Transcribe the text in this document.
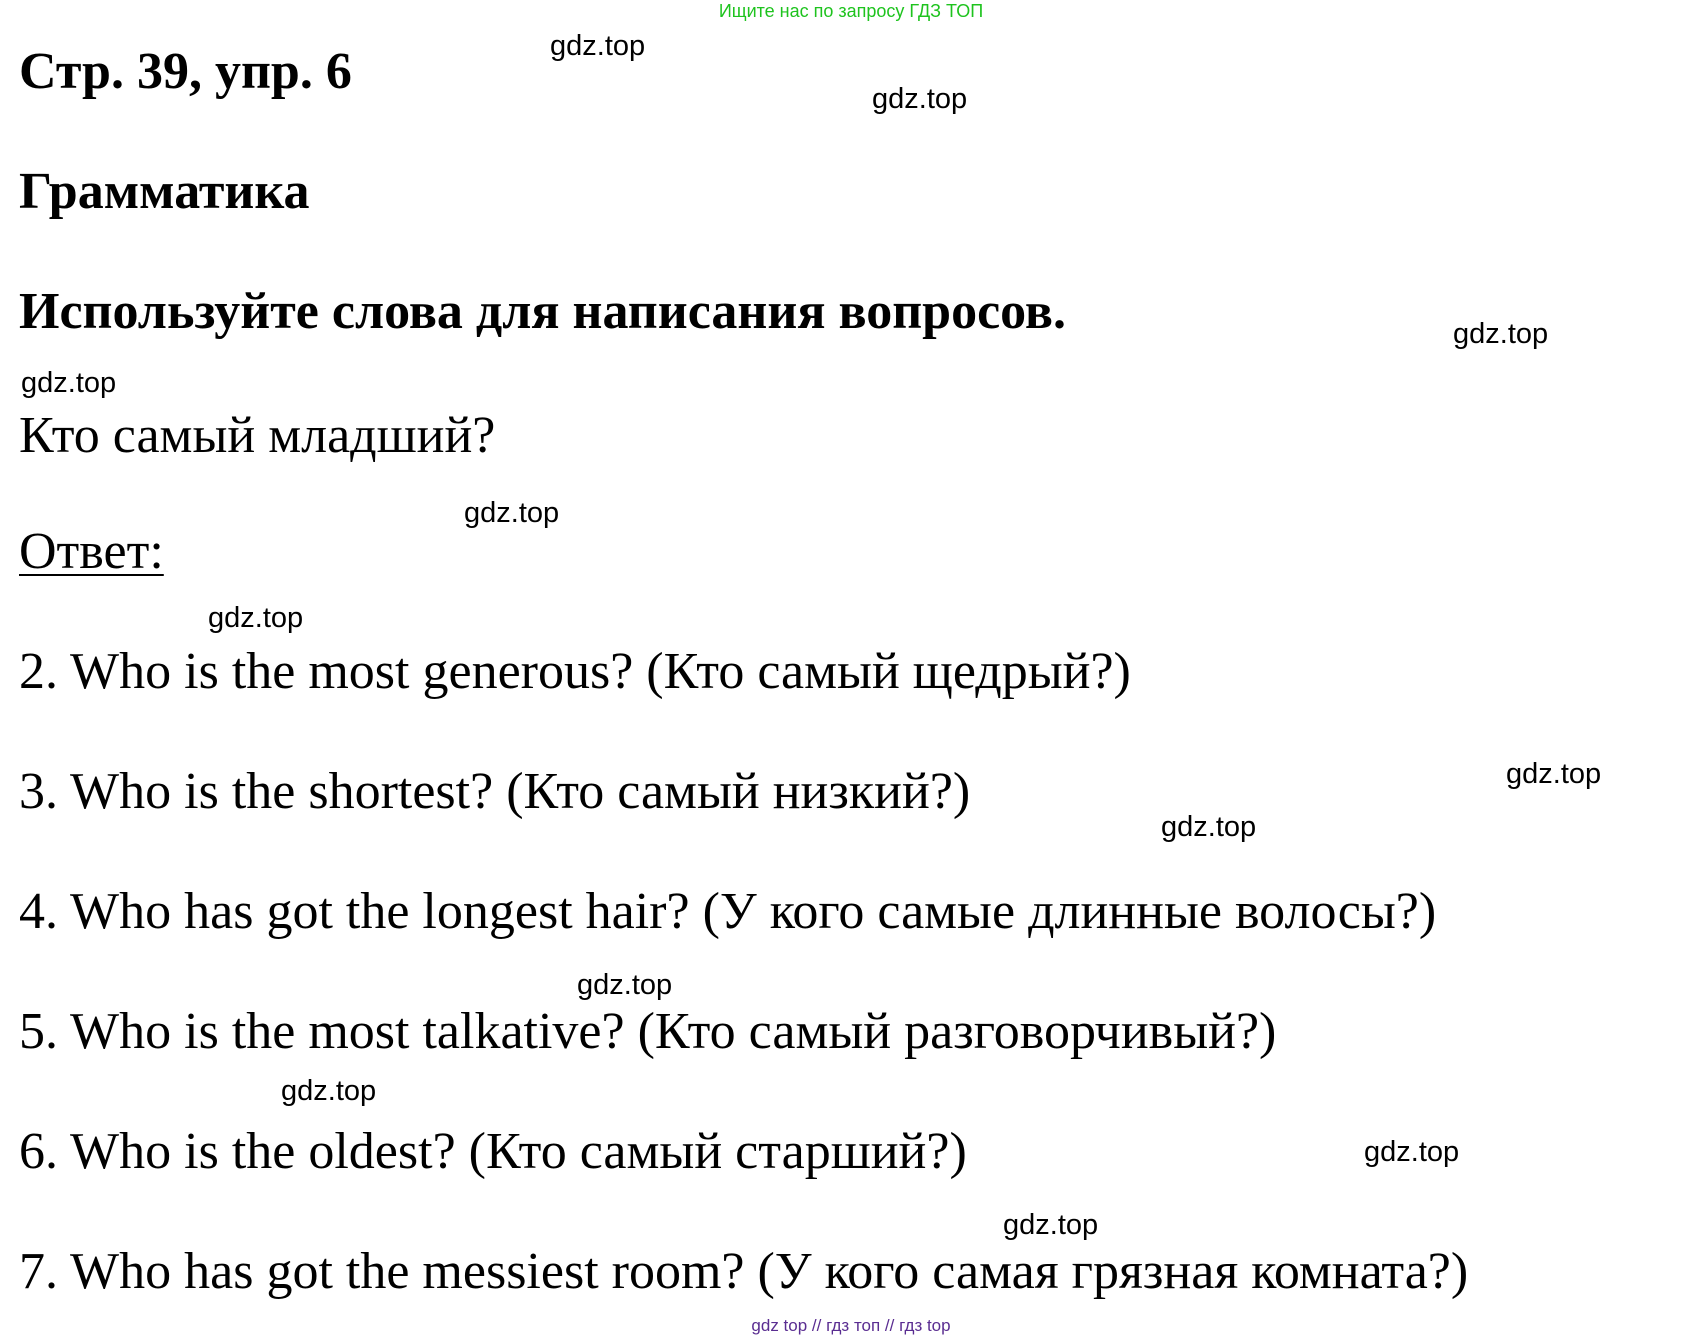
Ищите нас по запросу ГДЗ ТОП
Стр. 39, упр. 6
Грамматика
Используйте слова для написания вопросов.
Кто самый младший?
Ответ:
2. Who is the most generous? (Кто самый щедрый?)
3. Who is the shortest? (Кто самый низкий?)
4. Who has got the longest hair? (У кого самые длинные волосы?)
5. Who is the most talkative? (Кто самый разговорчивый?)
6. Who is the oldest? (Кто самый старший?)
7. Who has got the messiest room? (У кого самая грязная комната?)
gdz.top
gdz.top
gdz.top
gdz.top
gdz.top
gdz.top
gdz.top
gdz.top
gdz.top
gdz.top
gdz.top
gdz.top
gdz top // гдз топ // гдз top
